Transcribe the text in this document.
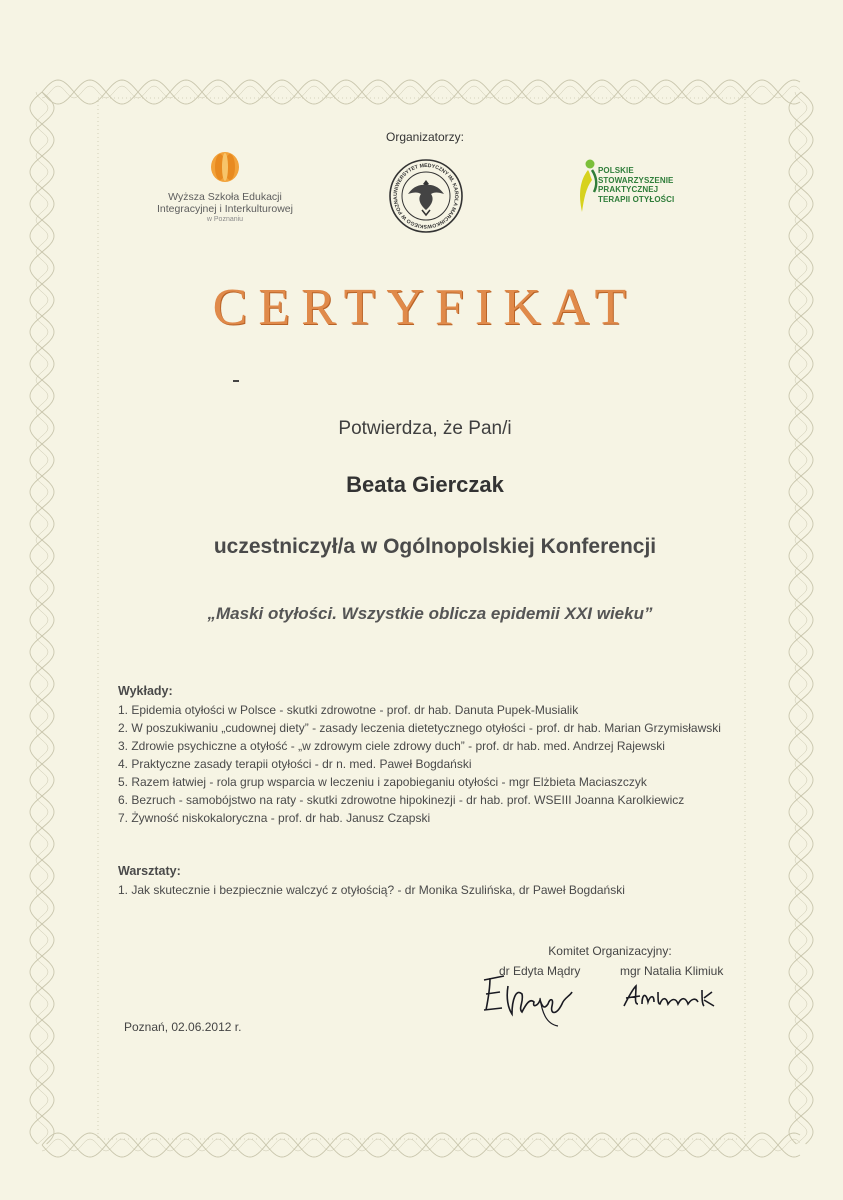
Organizatorzy:
Wyższa Szkoła Edukacji
Integracyjnej i Interkulturowej
w Poznaniu
UNIWERSYTET MEDYCZNY IM. KAROLA MARCINKOWSKIEGO W POZNA
POLSKIE
STOWARZYSZENIE
PRAKTYCZNEJ
TERAPII OTYŁOŚCI
CERTYFIKAT
Potwierdza, że Pan/i
Beata Gierczak
uczestniczył/a w Ogólnopolskiej Konferencji
„Maski otyłości. Wszystkie oblicza epidemii XXI wieku”
Wykłady:
1. Epidemia otyłości w Polsce - skutki zdrowotne - prof. dr hab. Danuta Pupek-Musialik
2. W poszukiwaniu „cudownej diety” - zasady leczenia dietetycznego otyłości - prof. dr hab. Marian Grzymisławski
3. Zdrowie psychiczne a otyłość - „w zdrowym ciele zdrowy duch” - prof. dr hab. med. Andrzej Rajewski
4. Praktyczne zasady terapii otyłości - dr n. med. Paweł Bogdański
5. Razem łatwiej - rola grup wsparcia w leczeniu i zapobieganiu otyłości - mgr Elżbieta Maciaszczyk
6. Bezruch - samobójstwo na raty - skutki zdrowotne hipokinezji - dr hab. prof. WSEIII Joanna Karolkiewicz
7. Żywność niskokaloryczna - prof. dr hab. Janusz Czapski
Warsztaty:
1. Jak skutecznie i bezpiecznie walczyć z otyłością? - dr Monika Szulińska, dr Paweł Bogdański
Komitet Organizacyjny:
dr Edyta Mądry	mgr Natalia Klimiuk
Poznań, 02.06.2012 r.
